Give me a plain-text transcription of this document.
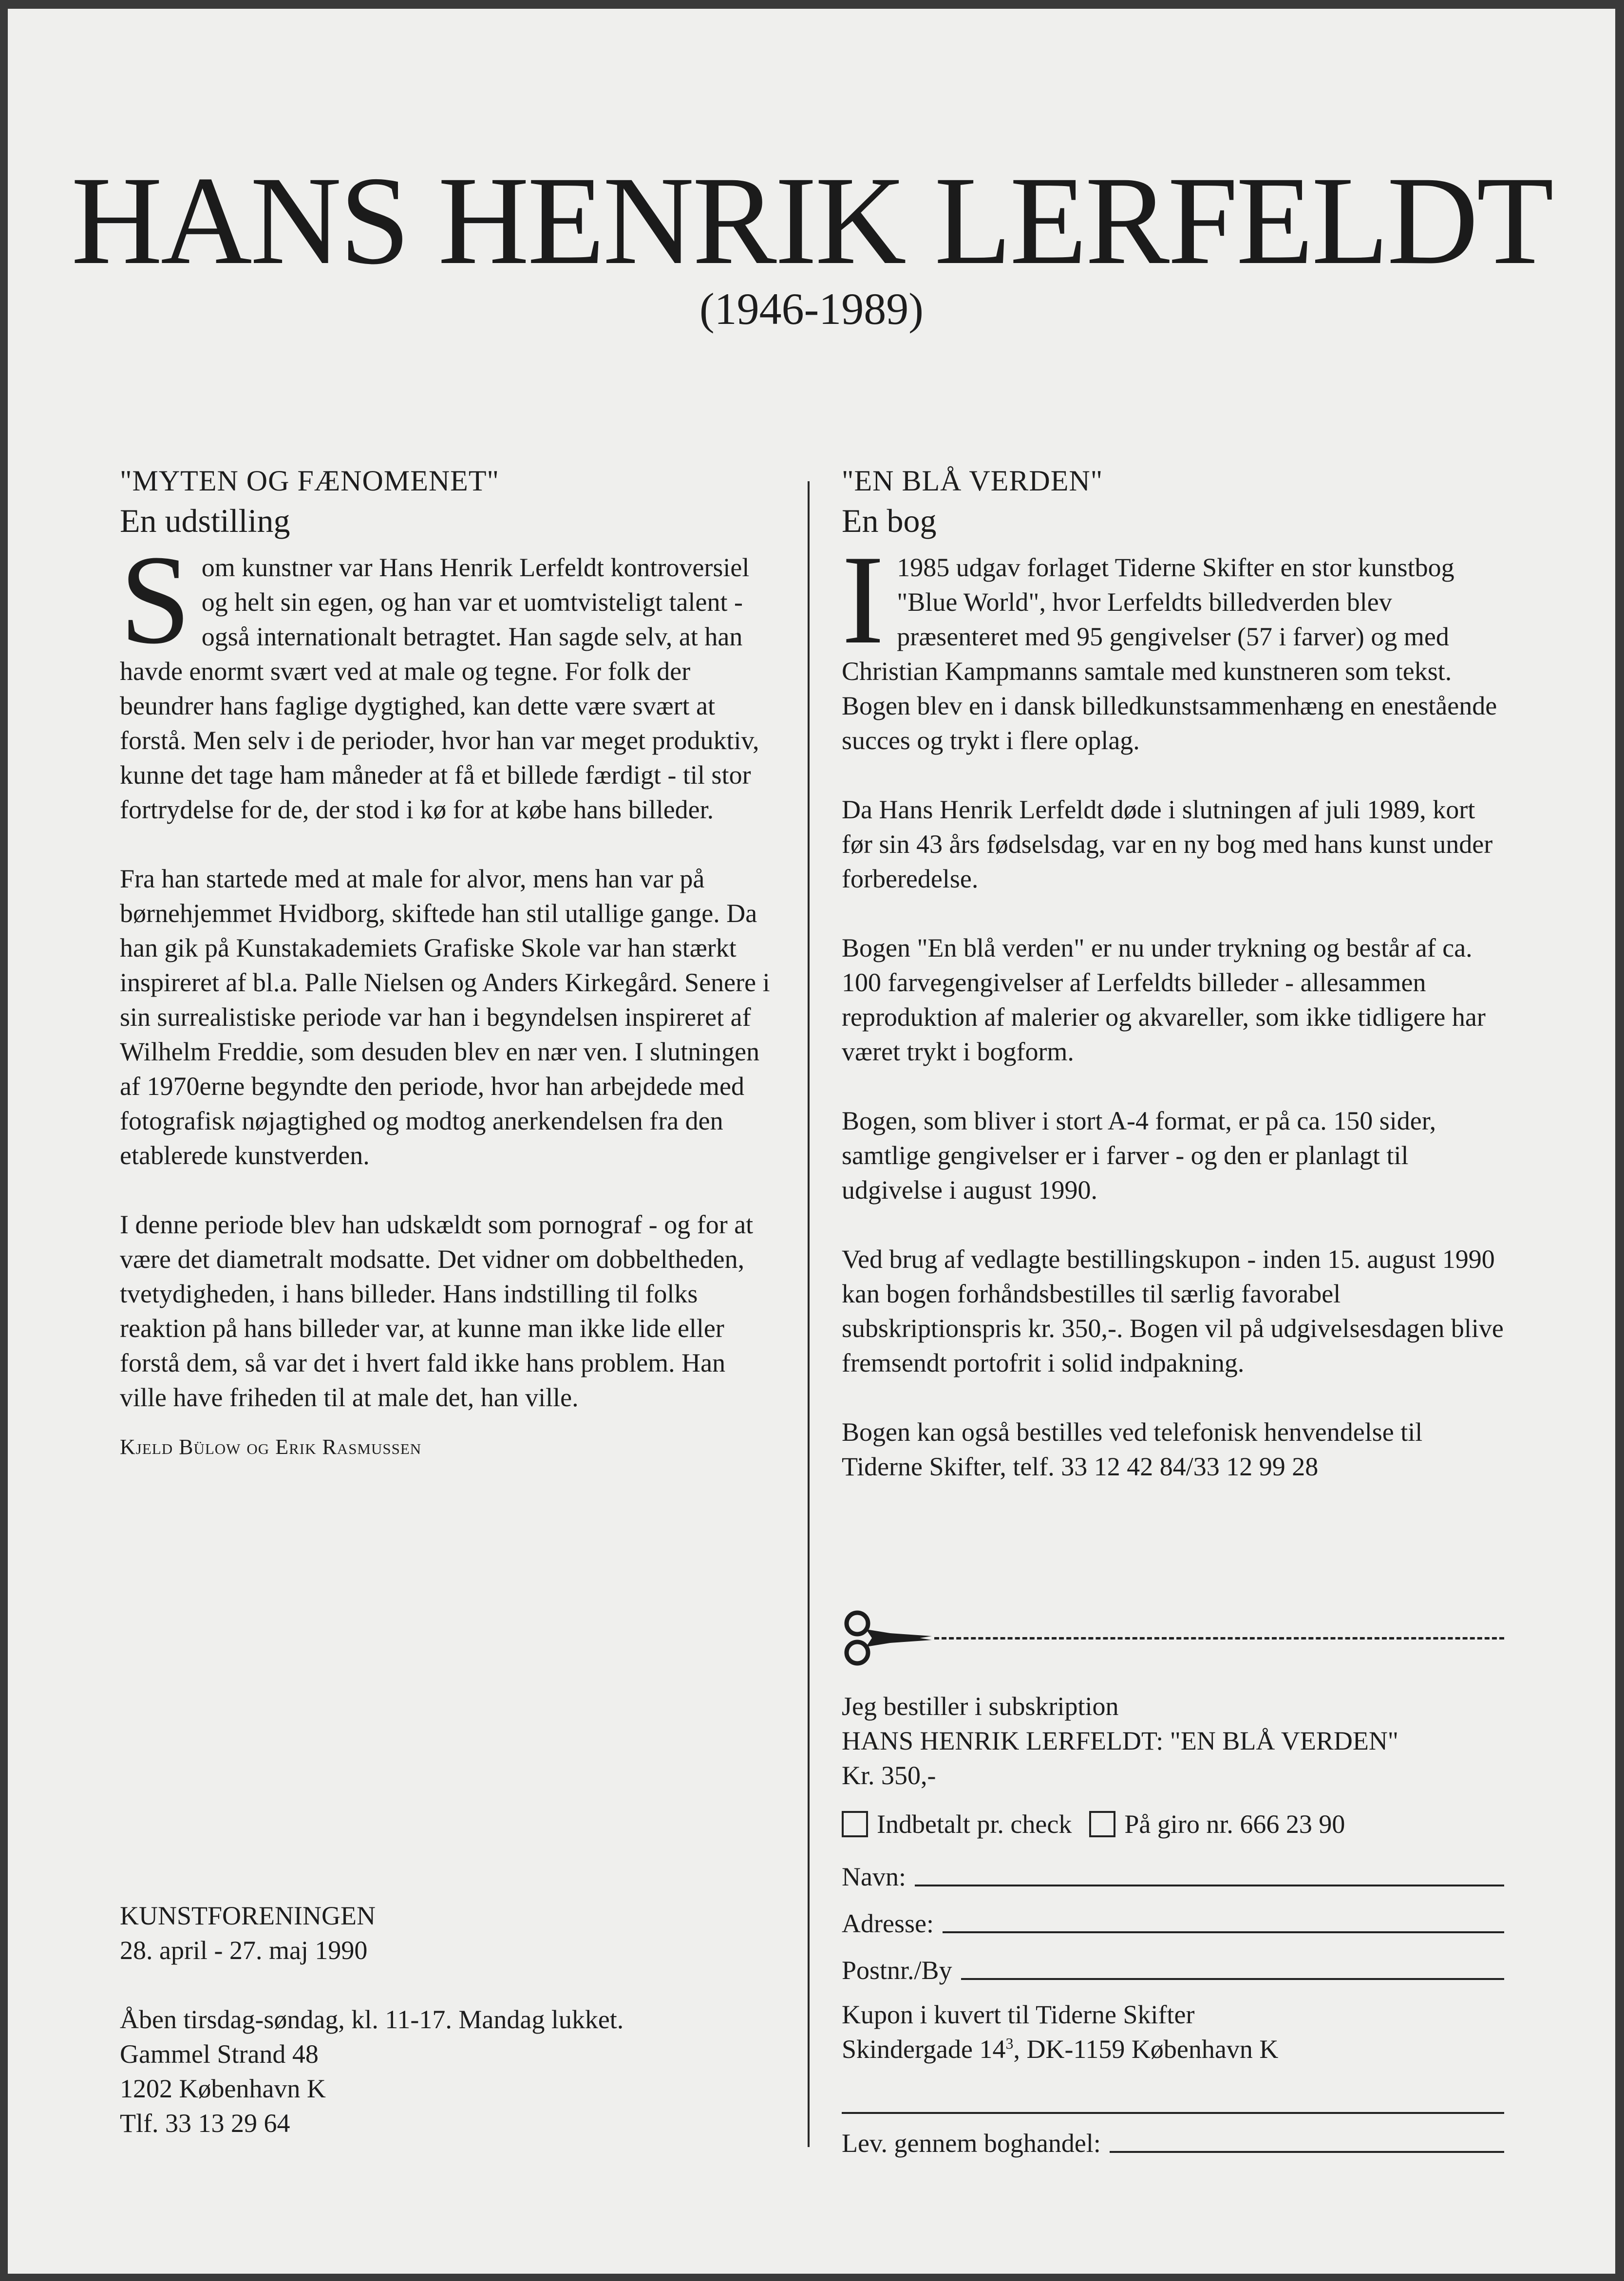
HANS HENRIK LERFELDT
(1946-1989)
"MYTEN OG FÆNOMENET"
En udstilling

Som kunstner var Hans Henrik Lerfeldt kontroversiel og helt sin egen, og han var et uomtvisteligt talent - også internationalt betragtet. Han sagde selv, at han havde enormt svært ved at male og tegne. For folk der beundrer hans faglige dygtighed, kan dette være svært at forstå. Men selv i de perioder, hvor han var meget produktiv, kunne det tage ham måneder at få et billede færdigt - til stor fortrydelse for de, der stod i kø for at købe hans billeder.

Fra han startede med at male for alvor, mens han var på børnehjemmet Hvidborg, skiftede han stil utallige gange. Da han gik på Kunstakademiets Grafiske Skole var han stærkt inspireret af bl.a. Palle Nielsen og Anders Kirkegård. Senere i sin surrealistiske periode var han i begyndelsen inspireret af Wilhelm Freddie, som desuden blev en nær ven. I slutningen af 1970erne begyndte den periode, hvor han arbejdede med fotografisk nøjagtighed og modtog anerkendelsen fra den etablerede kunstverden.

I denne periode blev han udskældt som pornograf - og for at være det diametralt modsatte. Det vidner om dobbeltheden, tvetydigheden, i hans billeder. Hans indstilling til folks reaktion på hans billeder var, at kunne man ikke lide eller forstå dem, så var det i hvert fald ikke hans problem. Han ville have friheden til at male det, han ville.

Kjeld Bülow og Erik Rasmussen
KUNSTFORENINGEN
28. april - 27. maj 1990
Åben tirsdag-søndag, kl. 11-17. Mandag lukket.
Gammel Strand 48
1202 København K
Tlf. 33 13 29 64
"EN BLÅ VERDEN"
En bog

I 1985 udgav forlaget Tiderne Skifter en stor kunstbog "Blue World", hvor Lerfeldts billedverden blev præsenteret med 95 gengivelser (57 i farver) og med Christian Kampmanns samtale med kunstneren som tekst. Bogen blev en i dansk billedkunstsammenhæng en enestående succes og trykt i flere oplag.

Da Hans Henrik Lerfeldt døde i slutningen af juli 1989, kort før sin 43 års fødselsdag, var en ny bog med hans kunst under forberedelse.

Bogen "En blå verden" er nu under trykning og består af ca. 100 farvegengivelser af Lerfeldts billeder - allesammen reproduktion af malerier og akvareller, som ikke tidligere har været trykt i bogform.

Bogen, som bliver i stort A-4 format, er på ca. 150 sider, samtlige gengivelser er i farver - og den er planlagt til udgivelse i august 1990.

Ved brug af vedlagte bestillingskupon - inden 15. august 1990 kan bogen forhåndsbestilles til særlig favorabel subskriptionspris kr. 350,-. Bogen vil på udgivelsesdagen blive fremsendt portofrit i solid indpakning.

Bogen kan også bestilles ved telefonisk henvendelse til Tiderne Skifter, telf. 33 12 42 84/33 12 99 28

Jeg bestiller i subskription
HANS HENRIK LERFELDT: "EN BLÅ VERDEN"
Kr. 350,-
Indbetalt pr. check På giro nr. 666 23 90
Navn:
Adresse:
Postnr./By
Kupon i kuvert til Tiderne Skifter
Skindergade $14^3$, DK-1159 København K
Lev. gennem boghandel:
